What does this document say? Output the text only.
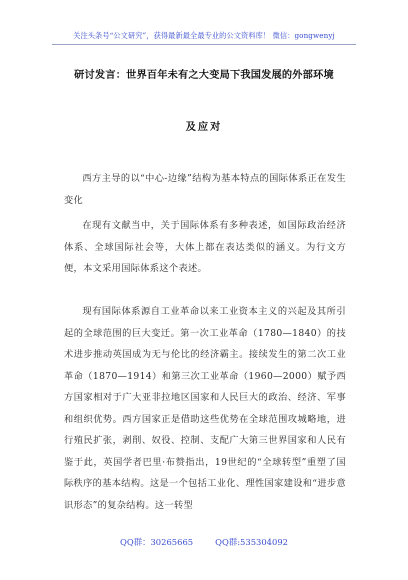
关注头条号“公文研究”，获得最新最全最专业的公文资料库！ 微信：gongwenyj
研讨发言：世界百年未有之大变局下我国发展的外部环境
及应对

西方主导的以“中心-边缘”结构为基本特点的国际体系正在发生变化

在现有文献当中，关于国际体系有多种表述，如国际政治经济体系、全球国际社会等，大体上都在表达类似的涵义。为行文方便，本文采用国际体系这个表述。

现有国际体系源自工业革命以来工业资本主义的兴起及其所引起的全球范围的巨大变迁。第一次工业革命（1780—1840）的技术进步推动英国成为无与伦比的经济霸主。接续发生的第二次工业革命（1870—1914）和第三次工业革命（1960—2000）赋予西方国家相对于广大亚非拉地区国家和人民巨大的政治、经济、军事和组织优势。西方国家正是借助这些优势在全球范围攻城略地，进行殖民扩张，剥削、奴役、控制、支配广大第三世界国家和人民有鉴于此，英国学者巴里·布赞指出，19世纪的“全球转型”重塑了国际秩序的基本结构。这是一个包括工业化、理性国家建设和“进步意识形态”的复杂结构。这一转型

QQ群：30265665	QQ群:535304092
